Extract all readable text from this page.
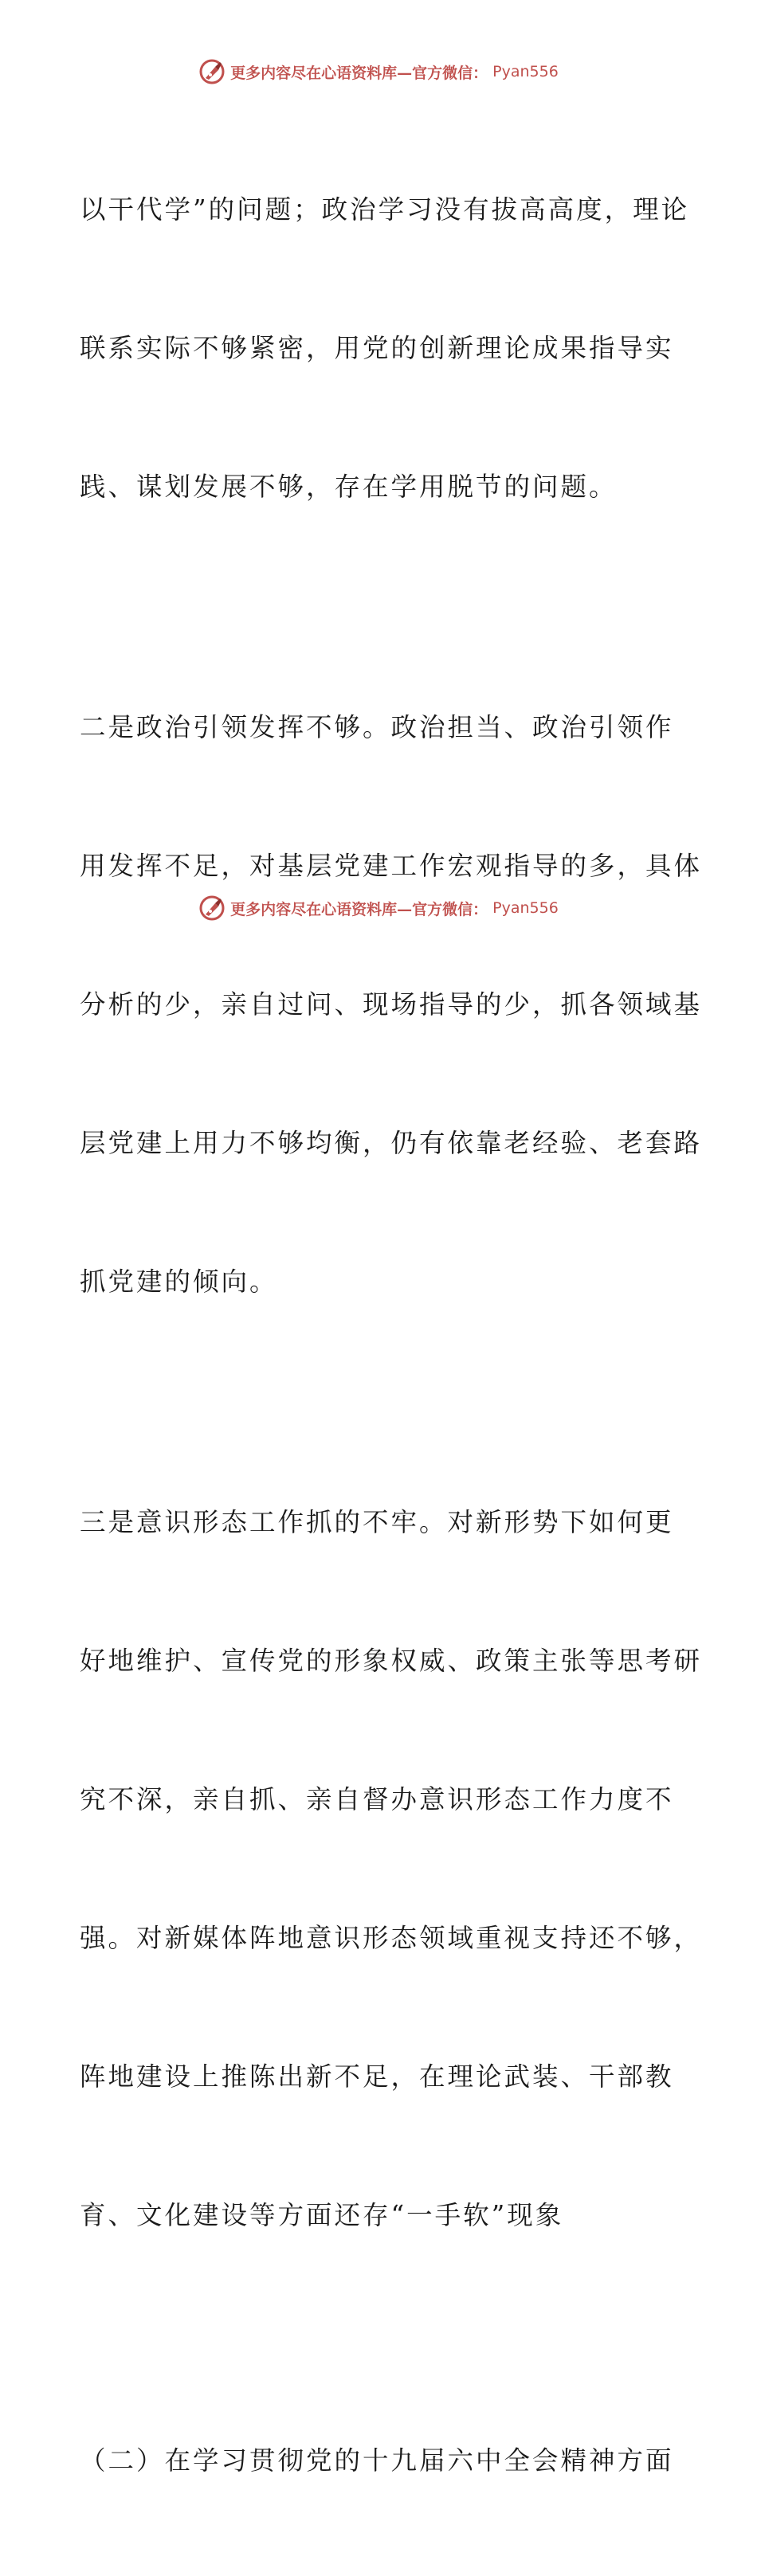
更多内容尽在心语资料库—官方微信： Pyan556

以干代学”的问题；政治学习没有拔高高度，理论

联系实际不够紧密，用党的创新理论成果指导实

践、谋划发展不够，存在学用脱节的问题。

二是政治引领发挥不够。政治担当、政治引领作

用发挥不足，对基层党建工作宏观指导的多，具体

分析的少，亲自过问、现场指导的少，抓各领域基

层党建上用力不够均衡，仍有依靠老经验、老套路

抓党建的倾向。

三是意识形态工作抓的不牢。对新形势下如何更

好地维护、宣传党的形象权威、政策主张等思考研

究不深，亲自抓、亲自督办意识形态工作力度不

强。对新媒体阵地意识形态领域重视支持还不够，

阵地建设上推陈出新不足，在理论武装、干部教

育、文化建设等方面还存“一手软”现象

（二）在学习贯彻党的十九届六中全会精神方面

更多内容尽在心语资料库—官方微信： Pyan556
